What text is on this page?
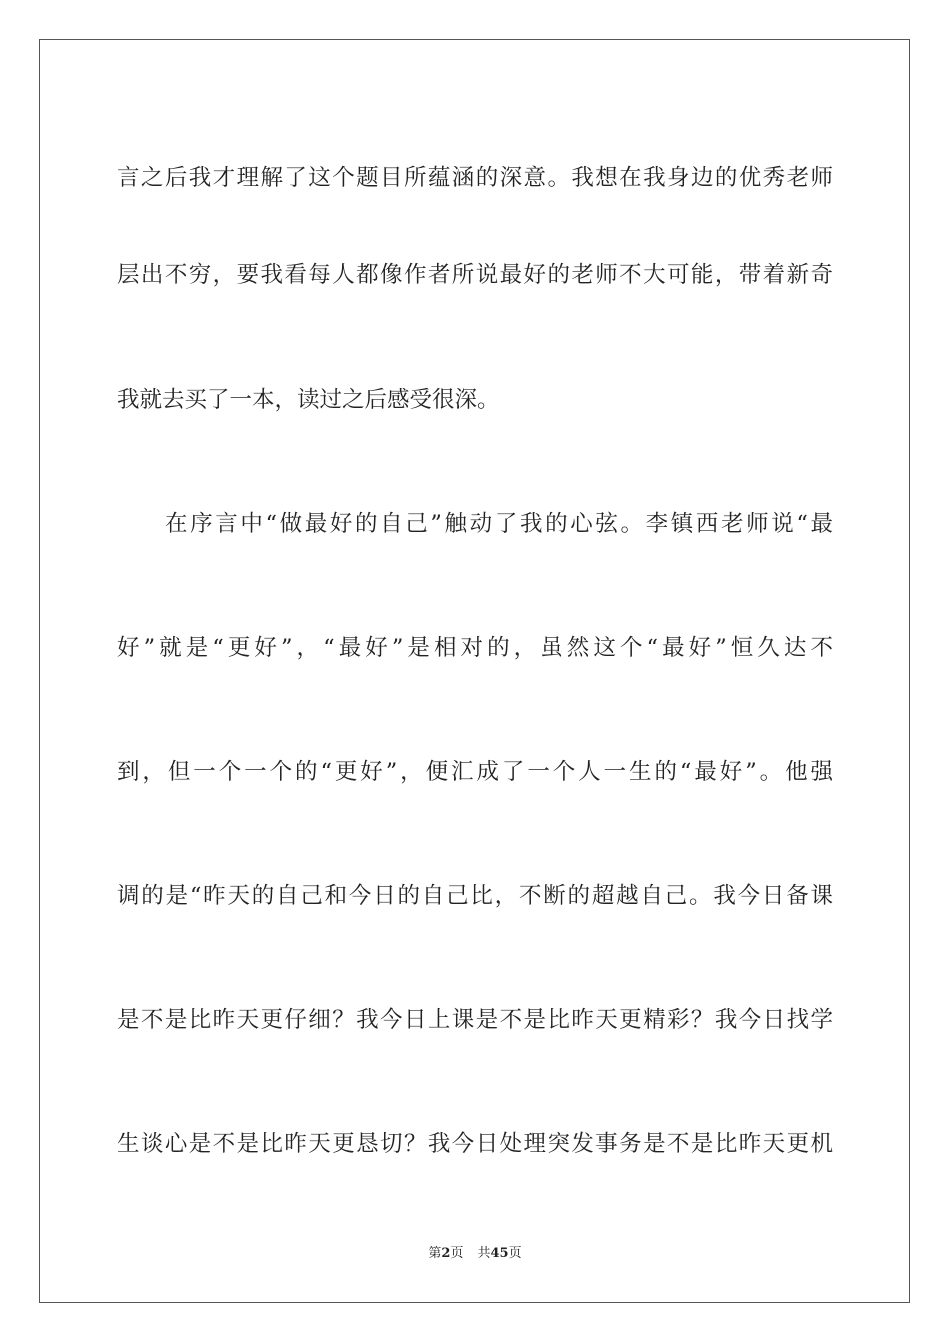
言之后我才理解了这个题目所蕴涵的深意。我想在我身边的优秀老师
层出不穷，要我看每人都像作者所说最好的老师不大可能，带着新奇
我就去买了一本，读过之后感受很深。
在序言中“做最好的自己”触动了我的心弦。李镇西老师说“最
好”就是“更好”，“最好”是相对的，虽然这个“最好”恒久达不
到，但一个一个的“更好”，便汇成了一个人一生的“最好”。他强
调的是“昨天的自己和今日的自己比，不断的超越自己。我今日备课
是不是比昨天更仔细？我今日上课是不是比昨天更精彩？我今日找学
生谈心是不是比昨天更恳切？我今日处理突发事务是不是比昨天更机
第2页 共45页
